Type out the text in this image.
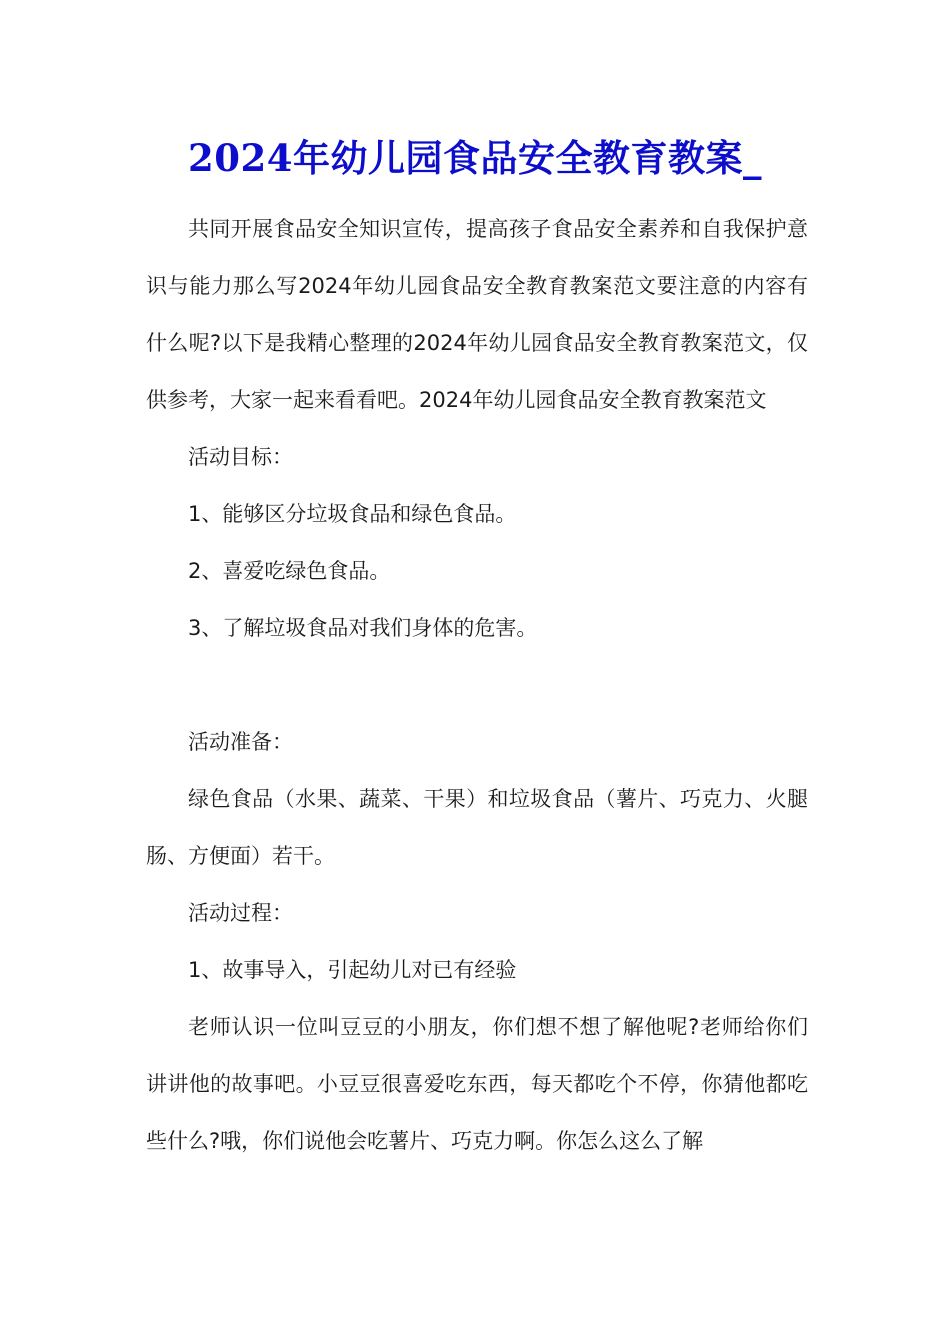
2024年幼儿园食品安全教育教案_

共同开展食品安全知识宣传，提高孩子食品安全素养和自我保护意识与能力那么写2024年幼儿园食品安全教育教案范文要注意的内容有什么呢?以下是我精心整理的2024年幼儿园食品安全教育教案范文，仅供参考，大家一起来看看吧。2024年幼儿园食品安全教育教案范文

活动目标：

1、能够区分垃圾食品和绿色食品。

2、喜爱吃绿色食品。

3、了解垃圾食品对我们身体的危害。

活动准备：

绿色食品（水果、蔬菜、干果）和垃圾食品（薯片、巧克力、火腿肠、方便面）若干。

活动过程：

1、故事导入，引起幼儿对已有经验

老师认识一位叫豆豆的小朋友，你们想不想了解他呢?老师给你们讲讲他的故事吧。小豆豆很喜爱吃东西，每天都吃个不停，你猜他都吃些什么?哦，你们说他会吃薯片、巧克力啊。你怎么这么了解
